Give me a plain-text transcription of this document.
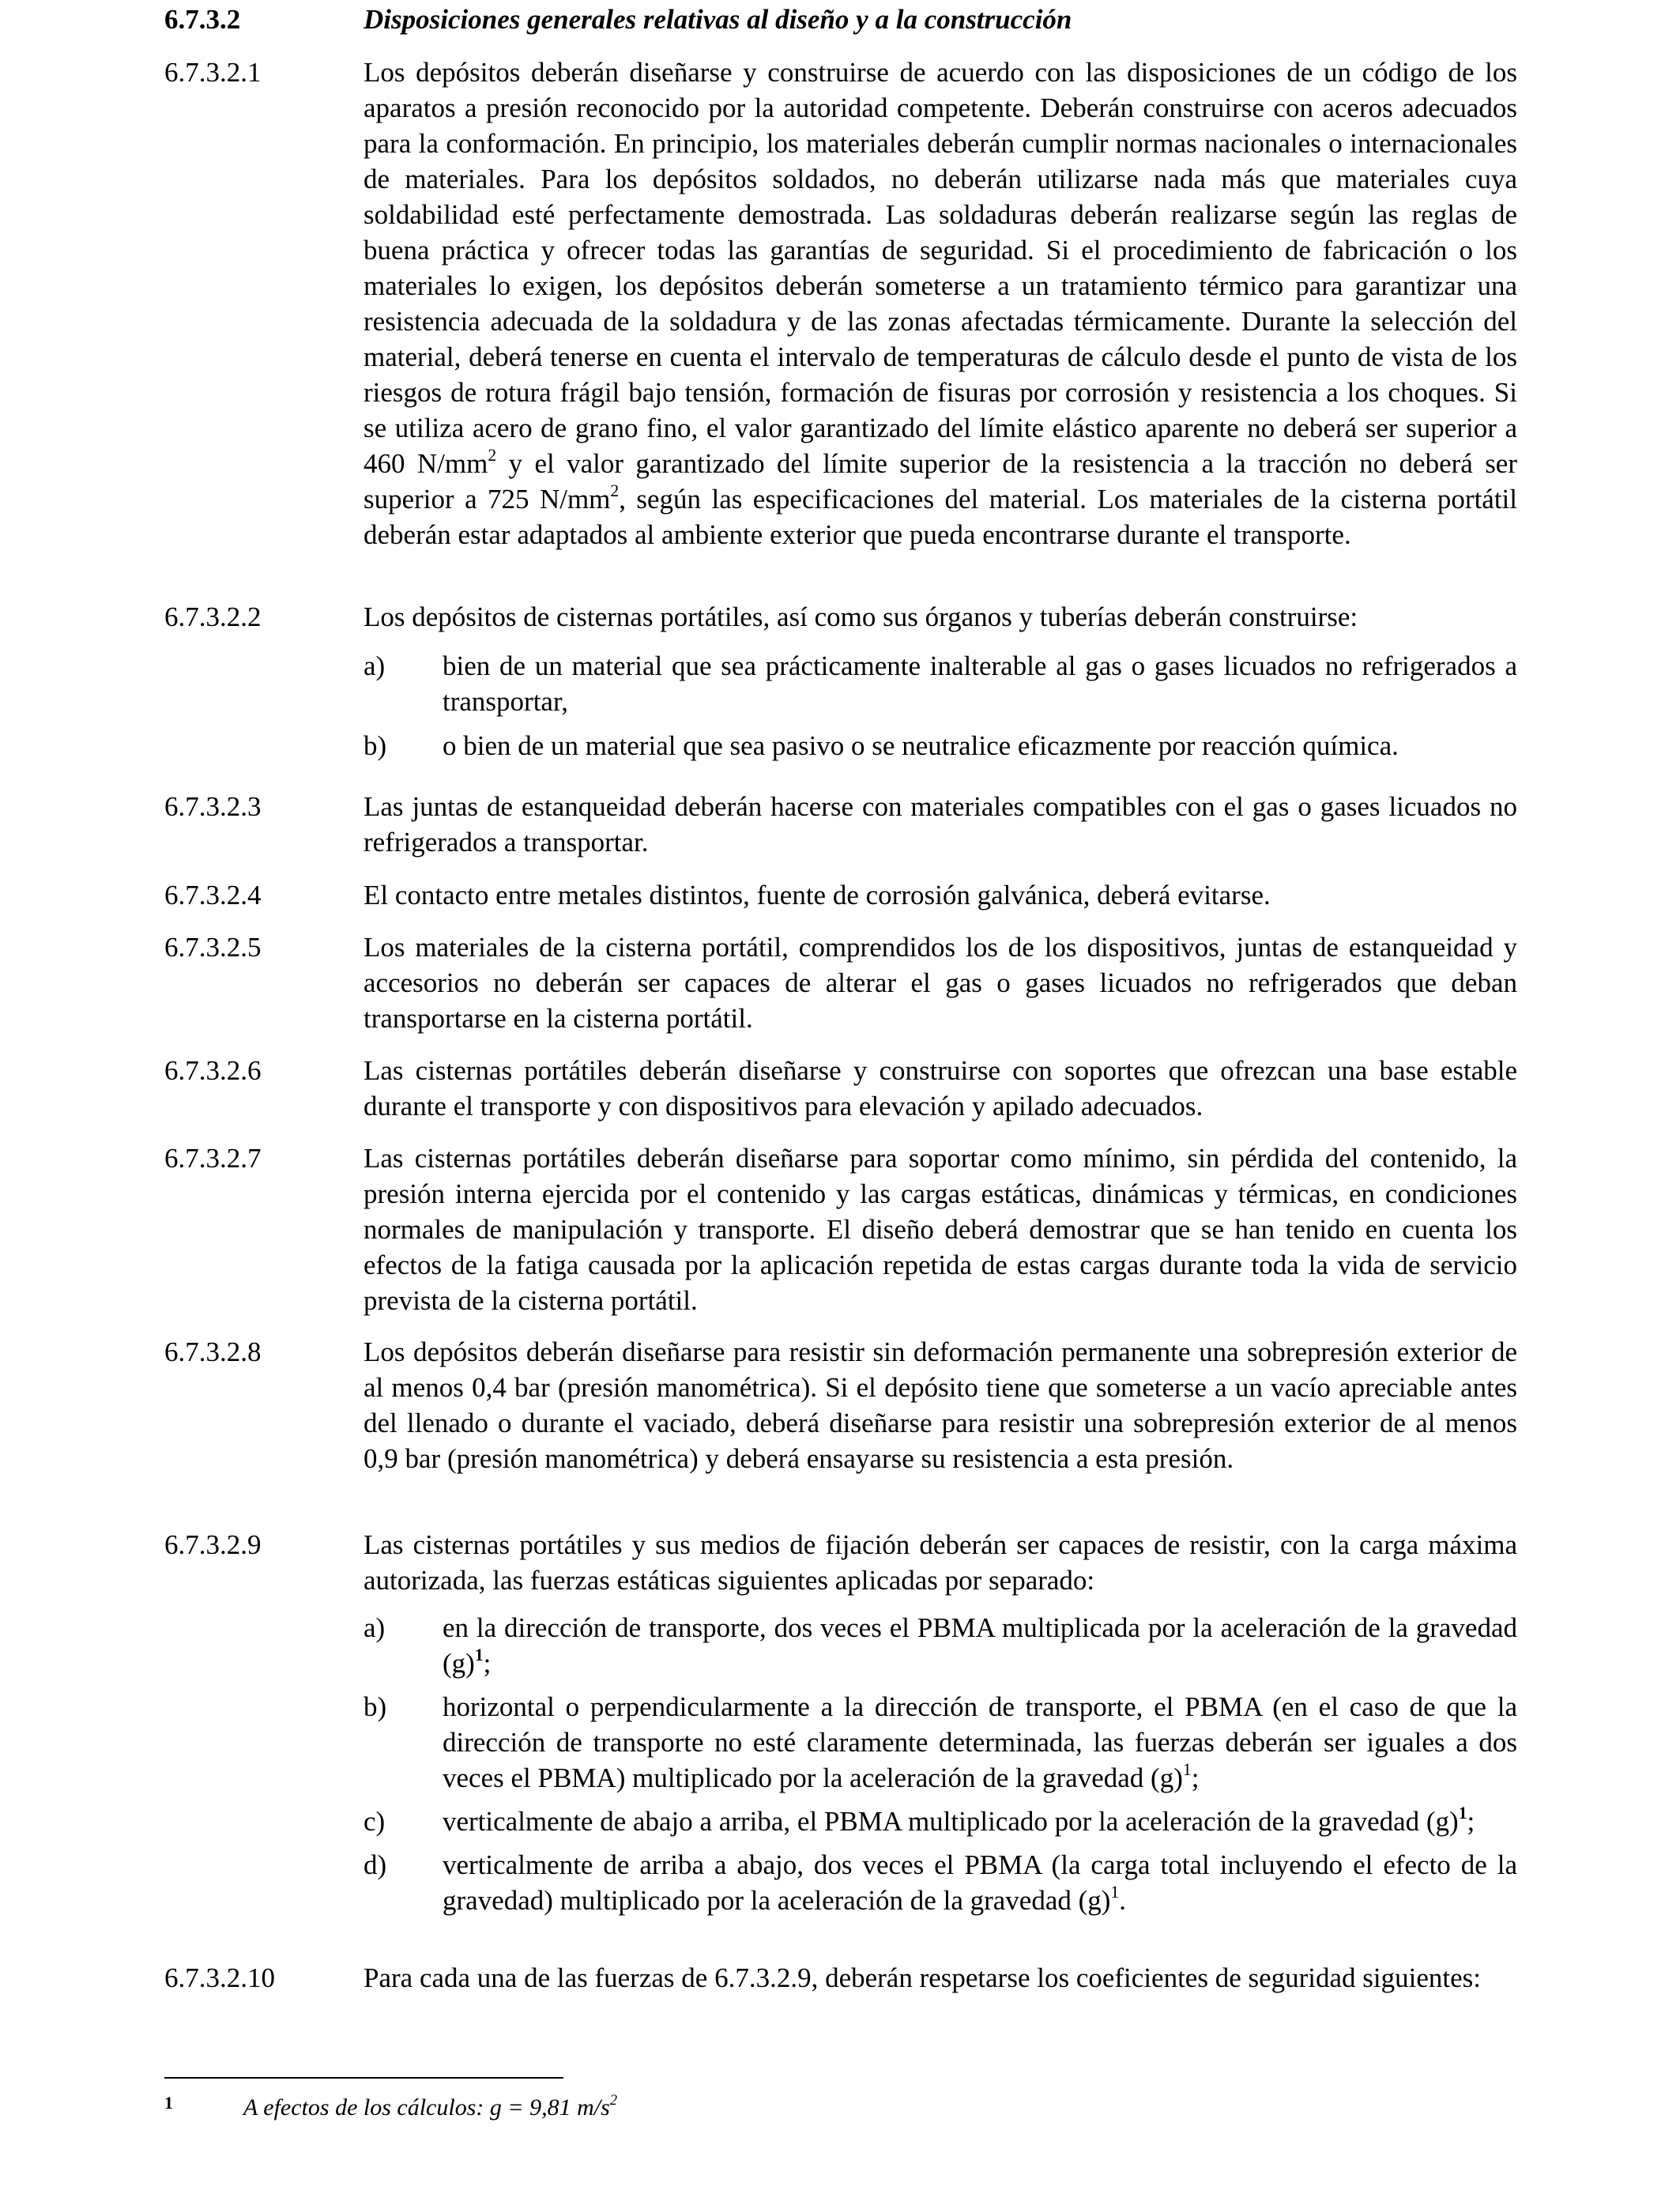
6.7.3.2	Disposiciones generales relativas al diseño y a la construcción
6.7.3.2.1	Los depósitos deberán diseñarse y construirse de acuerdo con las disposiciones de un código de los aparatos a presión reconocido por la autoridad competente. Deberán construirse con aceros adecuados para la conformación. En principio, los materiales deberán cumplir normas nacionales o internacionales de materiales. Para los depósitos soldados, no deberán utilizarse nada más que materiales cuya soldabilidad esté perfectamente demostrada. Las soldaduras deberán realizarse según las reglas de buena práctica y ofrecer todas las garantías de seguridad. Si el procedimiento de fabricación o los materiales lo exigen, los depósitos deberán someterse a un tratamiento térmico para garantizar una resistencia adecuada de la soldadura y de las zonas afectadas térmicamente. Durante la selección del material, deberá tenerse en cuenta el intervalo de temperaturas de cálculo desde el punto de vista de los riesgos de rotura frágil bajo tensión, formación de fisuras por corrosión y resistencia a los choques. Si se utiliza acero de grano fino, el valor garantizado del límite elástico aparente no deberá ser superior a 460 $N/mm^2$ y el valor garantizado del límite superior de la resistencia a la tracción no deberá ser superior a 725 $N/mm^2$, según las especificaciones del material. Los materiales de la cisterna portátil deberán estar adaptados al ambiente exterior que pueda encontrarse durante el transporte.
6.7.3.2.2	Los depósitos de cisternas portátiles, así como sus órganos y tuberías deberán construirse:
a) bien de un material que sea prácticamente inalterable al gas o gases licuados no refrigerados a transportar,
b) o bien de un material que sea pasivo o se neutralice eficazmente por reacción química.
6.7.3.2.3	Las juntas de estanqueidad deberán hacerse con materiales compatibles con el gas o gases licuados no refrigerados a transportar.
6.7.3.2.4	El contacto entre metales distintos, fuente de corrosión galvánica, deberá evitarse.
6.7.3.2.5	Los materiales de la cisterna portátil, comprendidos los de los dispositivos, juntas de estanqueidad y accesorios no deberán ser capaces de alterar el gas o gases licuados no refrigerados que deban transportarse en la cisterna portátil.
6.7.3.2.6	Las cisternas portátiles deberán diseñarse y construirse con soportes que ofrezcan una base estable durante el transporte y con dispositivos para elevación y apilado adecuados.
6.7.3.2.7	Las cisternas portátiles deberán diseñarse para soportar como mínimo, sin pérdida del contenido, la presión interna ejercida por el contenido y las cargas estáticas, dinámicas y térmicas, en condiciones normales de manipulación y transporte. El diseño deberá demostrar que se han tenido en cuenta los efectos de la fatiga causada por la aplicación repetida de estas cargas durante toda la vida de servicio prevista de la cisterna portátil.
6.7.3.2.8	Los depósitos deberán diseñarse para resistir sin deformación permanente una sobrepresión exterior de al menos 0,4 bar (presión manométrica). Si el depósito tiene que someterse a un vacío apreciable antes del llenado o durante el vaciado, deberá diseñarse para resistir una sobrepresión exterior de al menos 0,9 bar (presión manométrica) y deberá ensayarse su resistencia a esta presión.
6.7.3.2.9	Las cisternas portátiles y sus medios de fijación deberán ser capaces de resistir, con la carga máxima autorizada, las fuerzas estáticas siguientes aplicadas por separado:
a) en la dirección de transporte, dos veces el PBMA multiplicada por la aceleración de la gravedad $(g)^1$;
b) horizontal o perpendicularmente a la dirección de transporte, el PBMA (en el caso de que la dirección de transporte no esté claramente determinada, las fuerzas deberán ser iguales a dos veces el PBMA) multiplicado por la aceleración de la gravedad $(g)^1$;
c) verticalmente de abajo a arriba, el PBMA multiplicado por la aceleración de la gravedad $(g)^1$;
d) verticalmente de arriba a abajo, dos veces el PBMA (la carga total incluyendo el efecto de la gravedad) multiplicado por la aceleración de la gravedad $(g)^1$.
6.7.3.2.10	Para cada una de las fuerzas de 6.7.3.2.9, deberán respetarse los coeficientes de seguridad siguientes:
1	A efectos de los cálculos: g = 9,81 $m/s^2$
